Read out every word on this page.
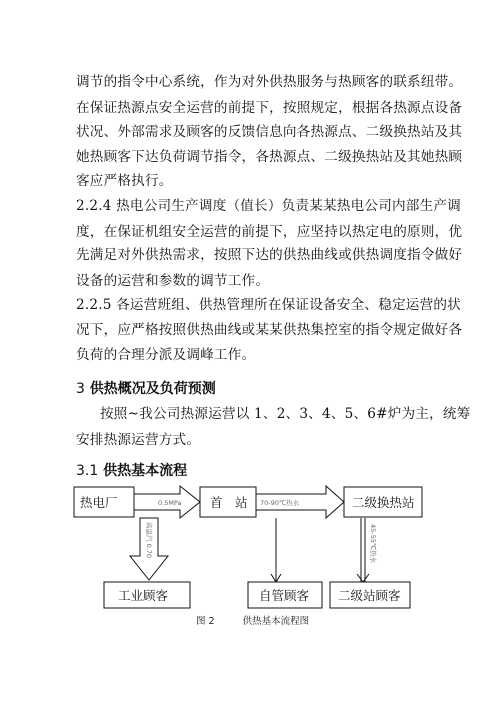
调节的指令中心系统，作为对外供热服务与热顾客的联系纽带。
在保证热源点安全运营的前提下，按照规定，根据各热源点设备
状况、外部需求及顾客的反馈信息向各热源点、二级换热站及其
她热顾客下达负荷调节指令，各热源点、二级换热站及其她热顾
客应严格执行。
2.2.4 热电公司生产调度（值长）负责某某热电公司内部生产调
度，在保证机组安全运营的前提下，应坚持以热定电的原则，优
先满足对外供热需求，按照下达的供热曲线或供热调度指令做好
设备的运营和参数的调节工作。
2.2.5 各运营班组、供热管理所在保证设备安全、稳定运营的状
况下，应严格按照供热曲线或某某供热集控室的指令规定做好各
负荷的合理分派及调峰工作。
3 供热概况及负荷预测
按照~我公司热源运营以 1、2、3、4、5、6#炉为主，统筹
安排热源运营方式。
3.1 供热基本流程
热电厂	首　站	二级换热站
工业顾客	自管顾客 二级站顾客
0.5MPa	70-90℃热水
高温汽 0.70	45-55℃热水
图 2	供热基本流程图
